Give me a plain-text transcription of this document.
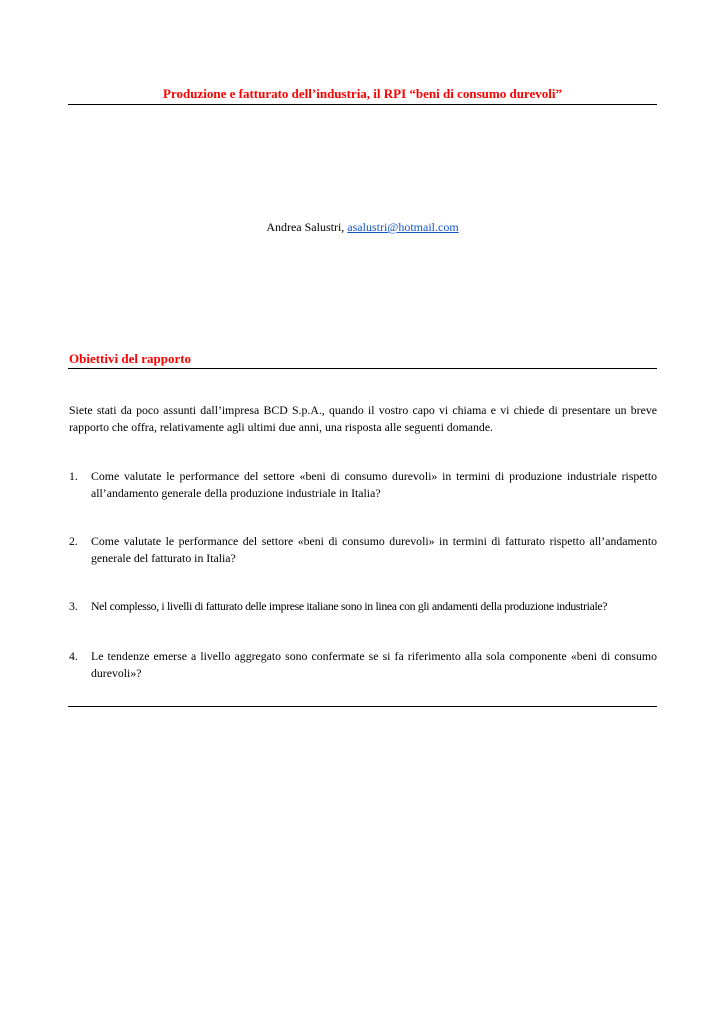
Produzione e fatturato dell’industria, il RPI “beni di consumo durevoli”
Andrea Salustri, asalustri@hotmail.com
Obiettivi del rapporto
Siete stati da poco assunti dall’impresa BCD S.p.A., quando il vostro capo vi chiama e vi chiede di presentare un breve rapporto che offra, relativamente agli ultimi due anni, una risposta alle seguenti domande.
1. Come valutate le performance del settore «beni di consumo durevoli» in termini di produzione industriale rispetto all’andamento generale della produzione industriale in Italia?
2. Come valutate le performance del settore «beni di consumo durevoli» in termini di fatturato rispetto all’andamento generale del fatturato in Italia?
3. Nel complesso, i livelli di fatturato delle imprese italiane sono in linea con gli andamenti della produzione industriale?
4. Le tendenze emerse a livello aggregato sono confermate se si fa riferimento alla sola componente «beni di consumo durevoli»?
